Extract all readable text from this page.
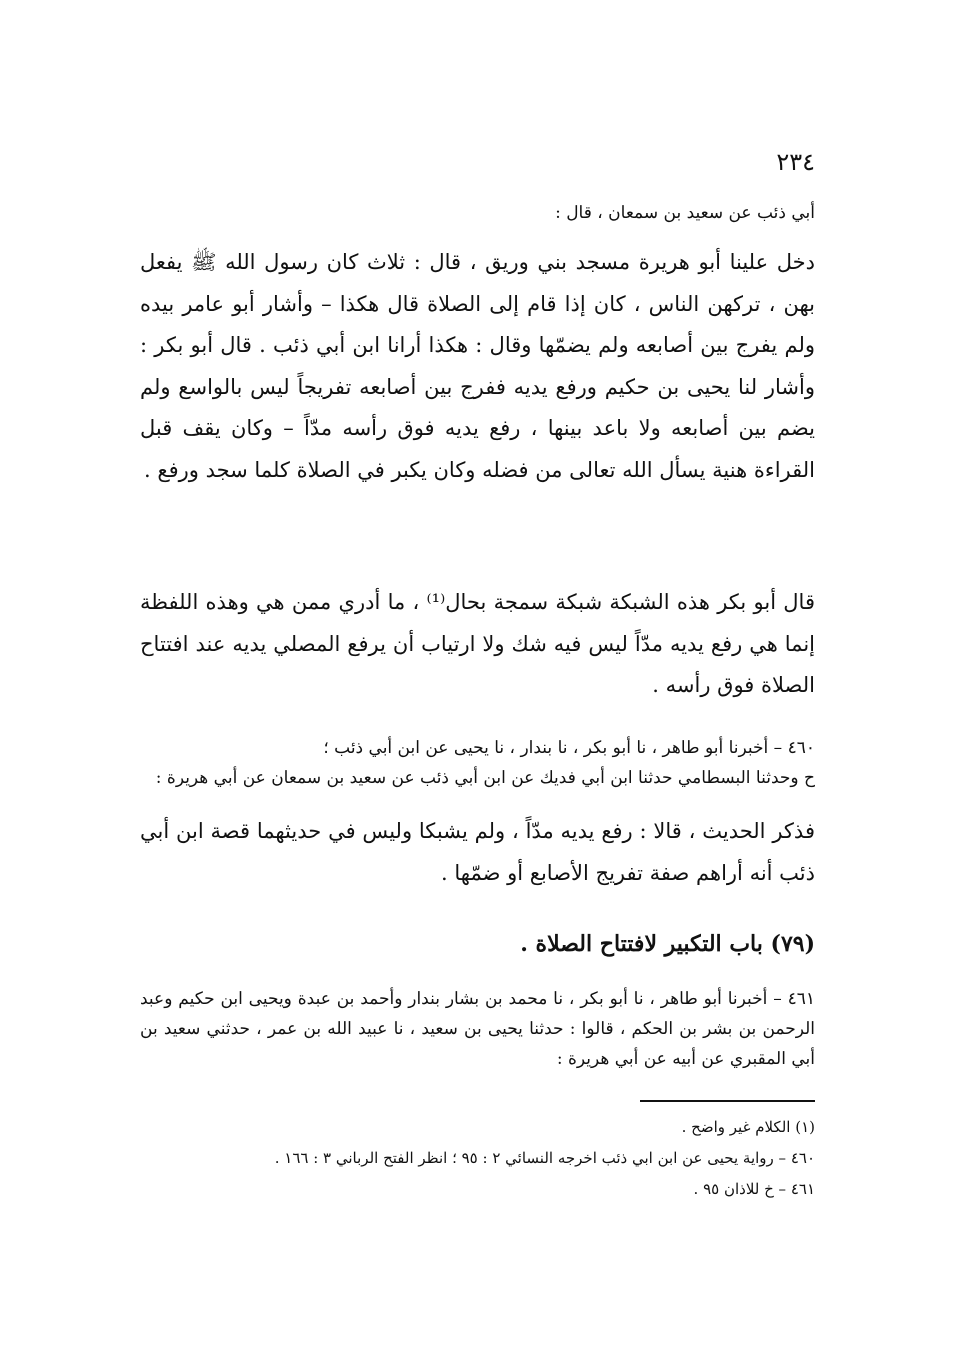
٢٣٤

أبي ذئب عن سعيد بن سمعان ، قال :

دخل علينا أبو هريرة مسجد بني وريق ، قال : ثلاث كان رسول الله ﷺ يفعل بهن ، تركهن الناس ، كان إذا قام إلى الصلاة قال هكذا – وأشار أبو عامر بيده ولم يفرج بين أصابعه ولم يضمّها وقال : هكذا أرانا ابن أبي ذئب . قال أبو بكر : وأشار لنا يحيى بن حكيم ورفع يديه ففرج بين أصابعه تفريجاً ليس بالواسع ولم يضم بين أصابعه ولا باعد بينها ، رفع يديه فوق رأسه مدّاً – وكان يقف قبل القراءة هنية يسأل الله تعالى من فضله وكان يكبر في الصلاة كلما سجد ورفع .

قال أبو بكر هذه الشبكة شبكة سمجة بحال⁽¹⁾ ، ما أدري ممن هي وهذه اللفظة إنما هي رفع يديه مدّاً ليس فيه شك ولا ارتياب أن يرفع المصلي يديه عند افتتاح الصلاة فوق رأسه .

٤٦٠ – أخبرنا أبو طاهر ، نا أبو بكر ، نا بندار ، نا يحيى عن ابن أبي ذئب ؛

ح وحدثنا البسطامي حدثنا ابن أبي فديك عن ابن أبي ذئب عن سعيد بن سمعان عن أبي هريرة :

فذكر الحديث ، قالا : رفع يديه مدّاً ، ولم يشبكا وليس في حديثهما قصة ابن أبي ذئب أنه أراهم صفة تفريج الأصابع أو ضمّها .

(٧٩) باب التكبير لافتتاح الصلاة .

٤٦١ – أخبرنا أبو طاهر ، نا أبو بكر ، نا محمد بن بشار بندار وأحمد بن عبدة ويحيى ابن حكيم وعبد الرحمن بن بشر بن الحكم ، قالوا : حدثنا يحيى بن سعيد ، نا عبيد الله بن عمر ، حدثني سعيد بن أبي المقبري عن أبيه عن أبي هريرة :

(١) الكلام غير واضح .

٤٦٠ – رواية يحيى عن ابن ابي ذئب اخرجه النسائي ٢ : ٩٥ ؛ انظر الفتح الرباني ٣ : ١٦٦ .

٤٦١ – خ للاذان ٩٥ .
